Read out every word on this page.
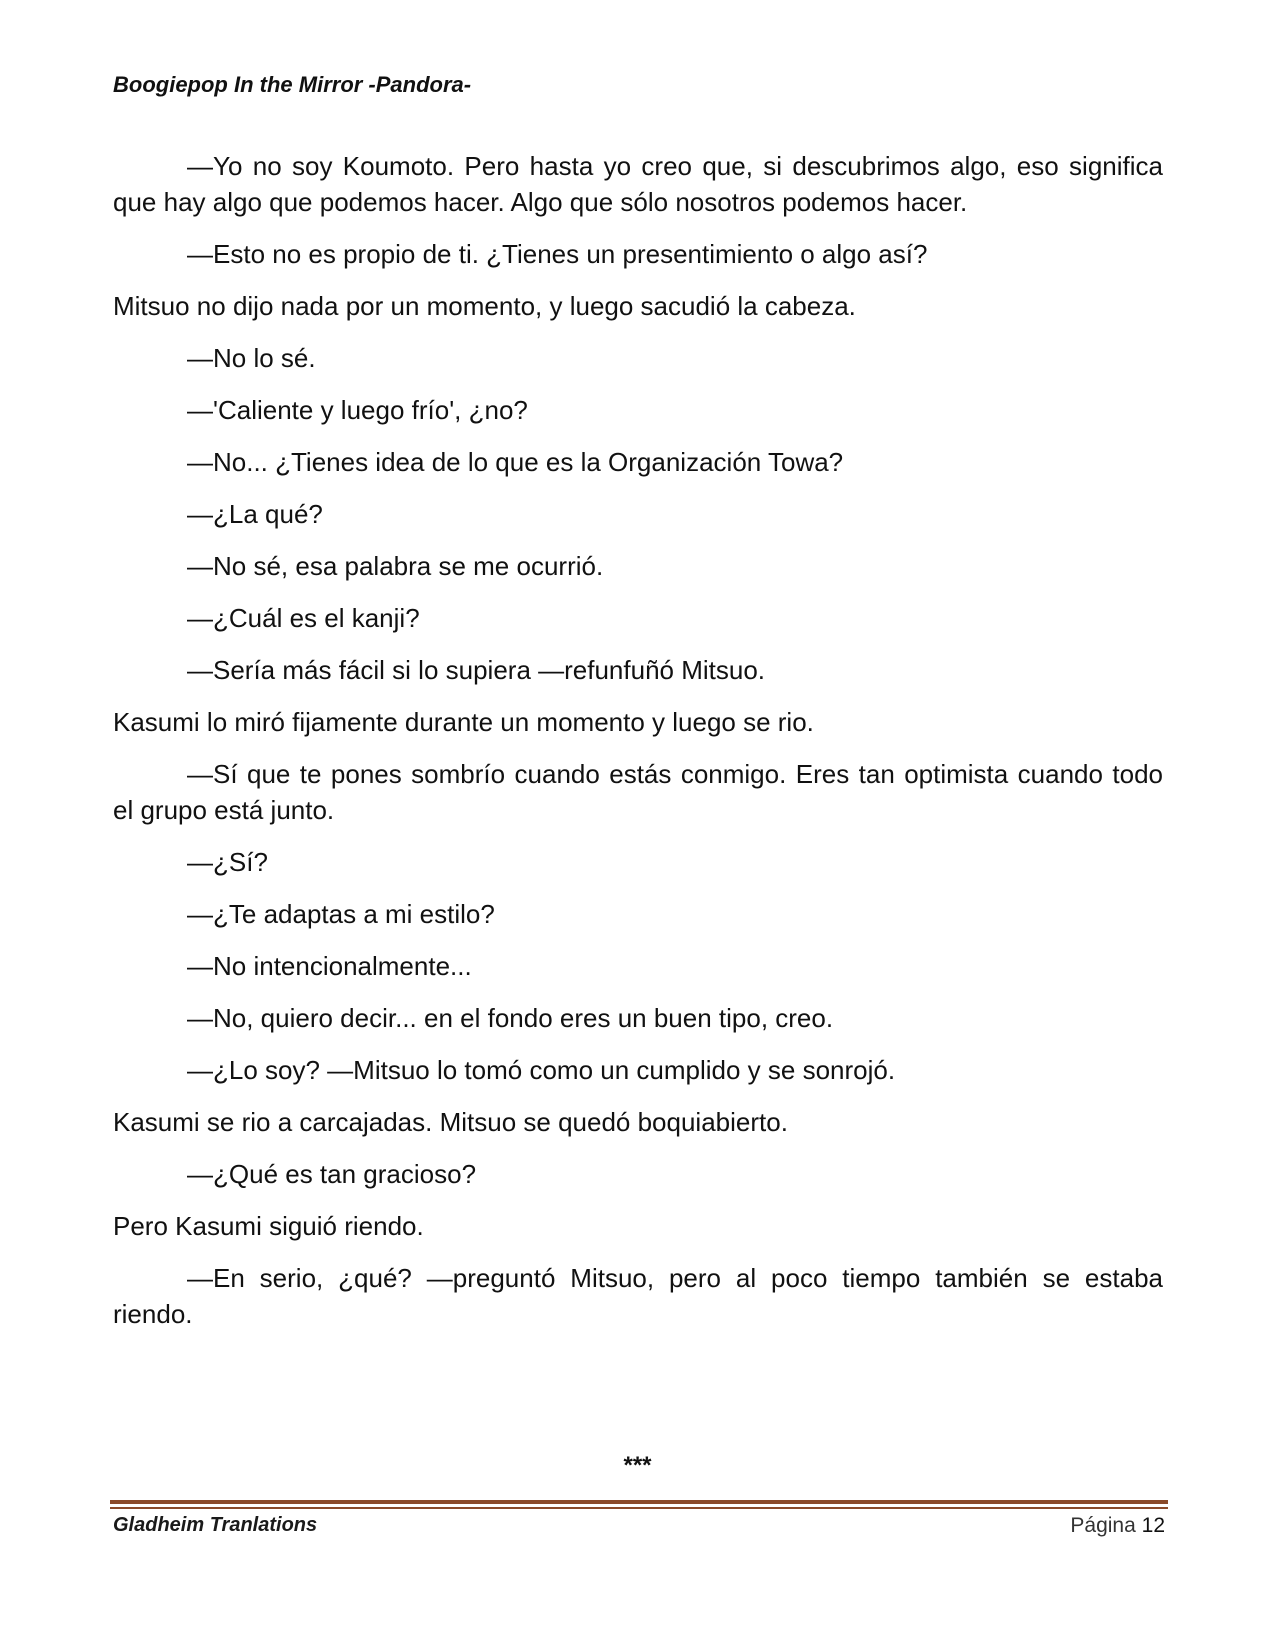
Boogiepop In the Mirror -Pandora-

—Yo no soy Koumoto. Pero hasta yo creo que, si descubrimos algo, eso significa que hay algo que podemos hacer. Algo que sólo nosotros podemos hacer.

—Esto no es propio de ti. ¿Tienes un presentimiento o algo así?

Mitsuo no dijo nada por un momento, y luego sacudió la cabeza.

—No lo sé.

—'Caliente y luego frío', ¿no?

—No... ¿Tienes idea de lo que es la Organización Towa?

—¿La qué?

—No sé, esa palabra se me ocurrió.

—¿Cuál es el kanji?

—Sería más fácil si lo supiera —refunfuñó Mitsuo.

Kasumi lo miró fijamente durante un momento y luego se rio.

—Sí que te pones sombrío cuando estás conmigo. Eres tan optimista cuando todo el grupo está junto.

—¿Sí?

—¿Te adaptas a mi estilo?

—No intencionalmente...

—No, quiero decir... en el fondo eres un buen tipo, creo.

—¿Lo soy? —Mitsuo lo tomó como un cumplido y se sonrojó.

Kasumi se rio a carcajadas. Mitsuo se quedó boquiabierto.

—¿Qué es tan gracioso?

Pero Kasumi siguió riendo.

—En serio, ¿qué? —preguntó Mitsuo, pero al poco tiempo también se estaba riendo.

***
Gladheim Tranlations	Página 12
